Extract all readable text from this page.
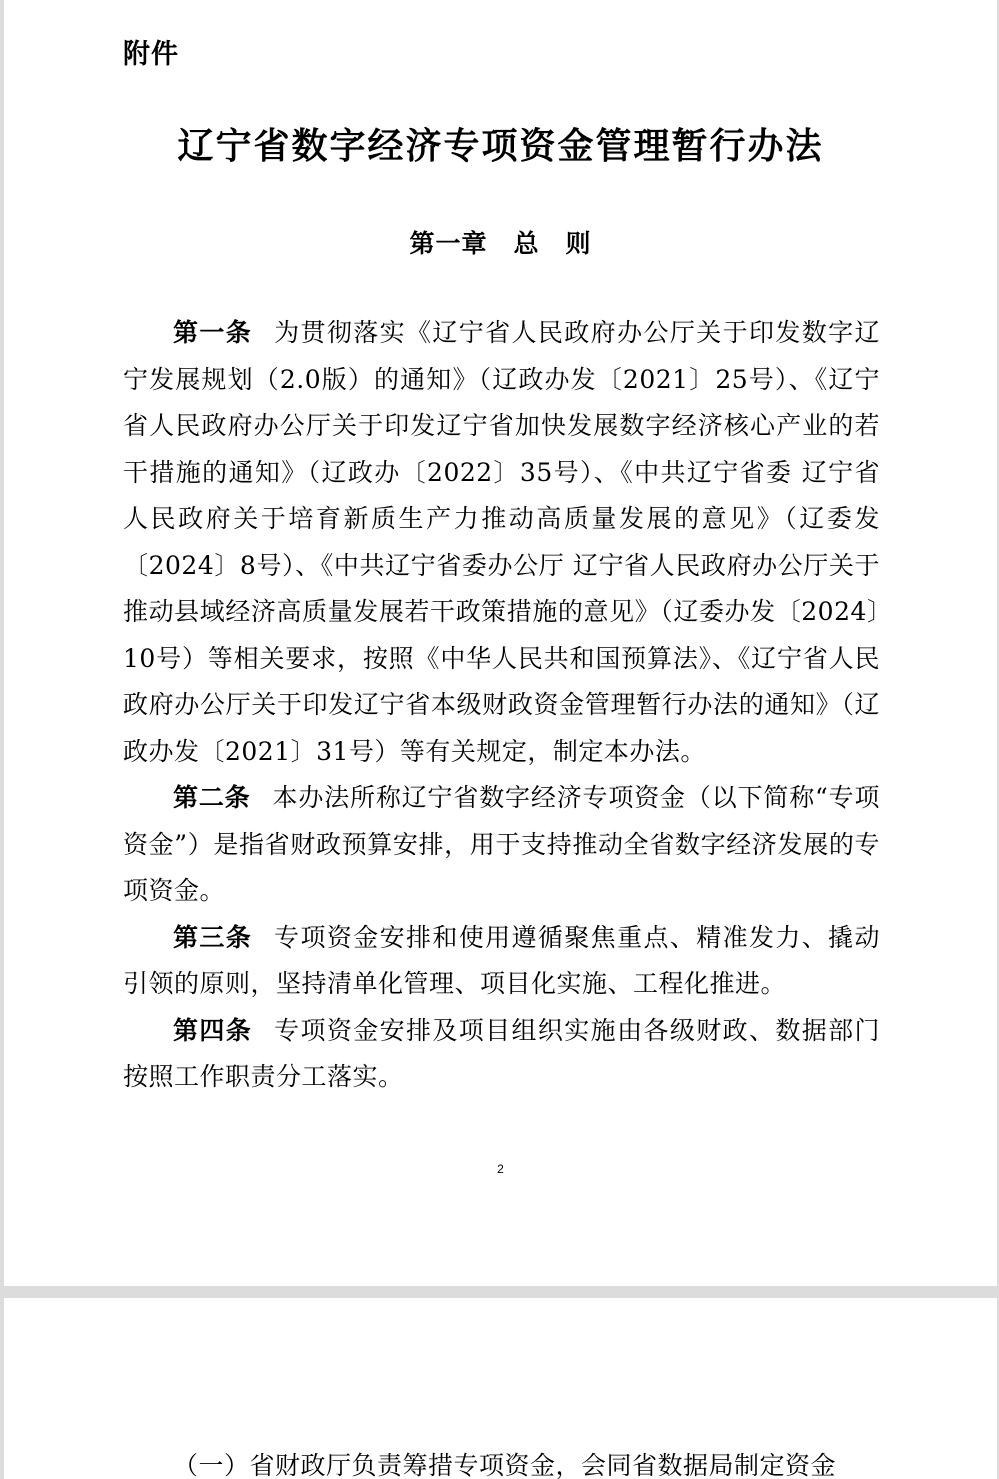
附件
辽宁省数字经济专项资金管理暂行办法
第一章 总　则

第一条 为贯彻落实《辽宁省人民政府办公厅关于印发数字辽宁发展规划（2.0版）的通知》（辽政办发〔2021〕25号）、《辽宁省人民政府办公厅关于印发辽宁省加快发展数字经济核心产业的若干措施的通知》（辽政办〔2022〕35号）、《中共辽宁省委 辽宁省人民政府关于培育新质生产力推动高质量发展的意见》（辽委发〔2024〕8号）、《中共辽宁省委办公厅 辽宁省人民政府办公厅关于推动县域经济高质量发展若干政策措施的意见》（辽委办发〔2024〕10号）等相关要求，按照《中华人民共和国预算法》、《辽宁省人民政府办公厅关于印发辽宁省本级财政资金管理暂行办法的通知》（辽政办发〔2021〕31号）等有关规定，制定本办法。

第二条 本办法所称辽宁省数字经济专项资金（以下简称“专项资金”）是指省财政预算安排，用于支持推动全省数字经济发展的专项资金。

第三条 专项资金安排和使用遵循聚焦重点、精准发力、撬动引领的原则，坚持清单化管理、项目化实施、工程化推进。

第四条 专项资金安排及项目组织实施由各级财政、数据部门按照工作职责分工落实。

2
（一）省财政厅负责筹措专项资金，会同省数据局制定资金
